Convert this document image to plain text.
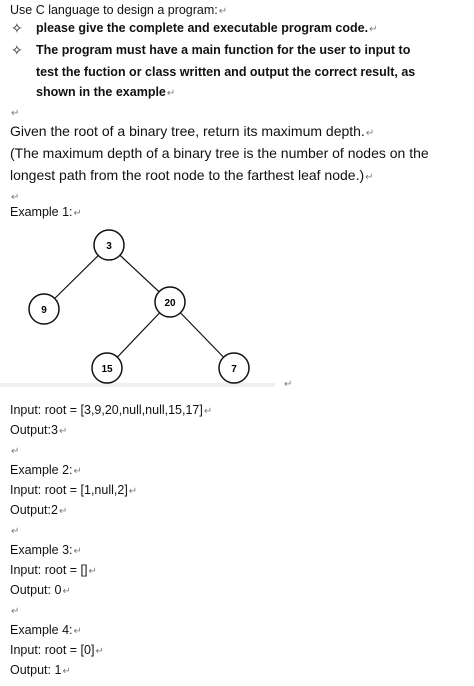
Use C language to design a program:↵
✧ please give the complete and executable program code.↵
✧ The program must have a main function for the user to input to
test the fuction or class written and output the correct result, as
shown in the example↵
↵
Given the root of a binary tree, return its maximum depth.↵
(The maximum depth of a binary tree is the number of nodes on the
longest path from the root node to the farthest leaf node.)↵
↵
Example 1:↵
3
9
20
15	7
↵
Input: root = [3,9,20,null,null,15,17]↵
Output:3↵
↵
Example 2:↵
Input: root = [1,null,2]↵
Output:2↵
↵
Example 3:↵
Input: root = []↵
Output: 0↵
↵
Example 4:↵
Input: root = [0]↵
Output: 1↵
